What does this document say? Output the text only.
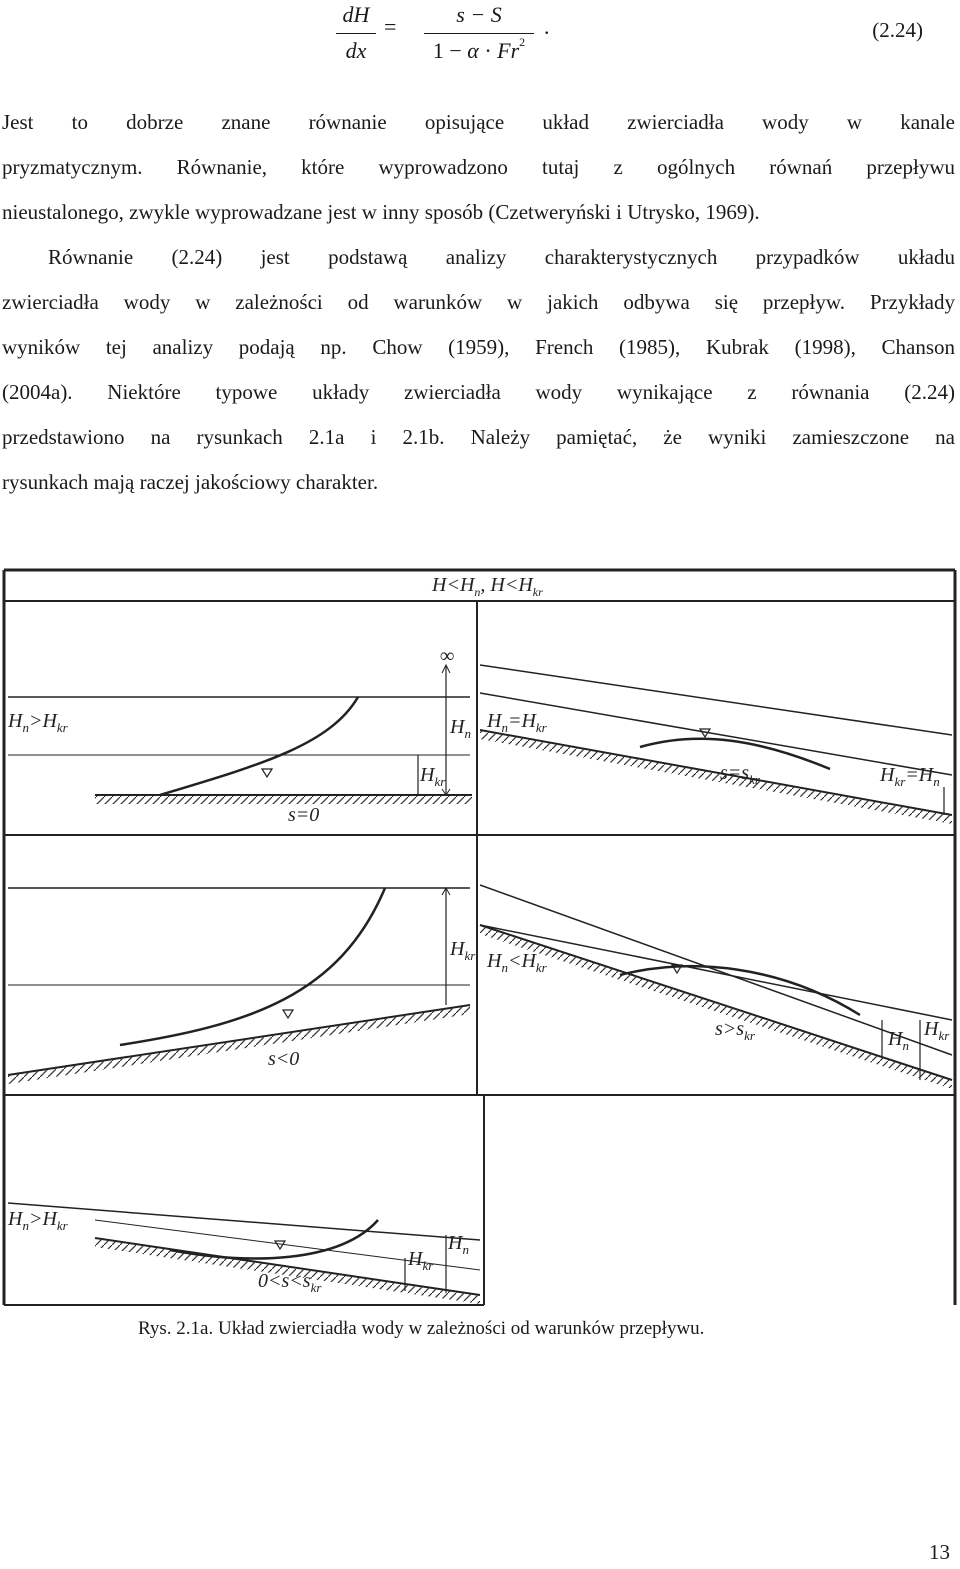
dH
dx
=	s − S
$1 - \alpha \cdot Fr^2$
.	(2.24)
Jest to dobrze znane równanie opisujące układ zwierciadła wody w kanale
pryzmatycznym. Równanie, które wyprowadzono tutaj z ogólnych równań przepływu
nieustalonego, zwykle wyprowadzane jest w inny sposób (Czetweryński i Utrysko, 1969).
Równanie (2.24) jest podstawą analizy charakterystycznych przypadków układu
zwierciadła wody w zależności od warunków w jakich odbywa się przepływ. Przykłady
wyników tej analizy podają np. Chow (1959), French (1985), Kubrak (1998), Chanson
(2004a). Niektóre typowe układy zwierciadła wody wynikające z równania (2.24)
przedstawiono na rysunkach 2.1a i 2.1b. Należy pamiętać, że wyniki zamieszczone na
rysunkach mają raczej jakościowy charakter.
$H<H_n$, $H<H_{kr}$
$H_n>H_{kr}$
∞
$H_n$
$H_{kr}$
s=0
$H_n=H_{kr}$
$s=s_{kr}$	$H_{kr}=H_n$
$H_{kr}$
s<0
$H_n<H_{kr}$
$s>s_{kr}$	$H_n$
$H_{kr}$
$H_n>H_{kr}$
$H_n$
$H_{kr}$
$0<s<s_{kr}$
Rys. 2.1a. Układ zwierciadła wody w zależności od warunków przepływu.
13
